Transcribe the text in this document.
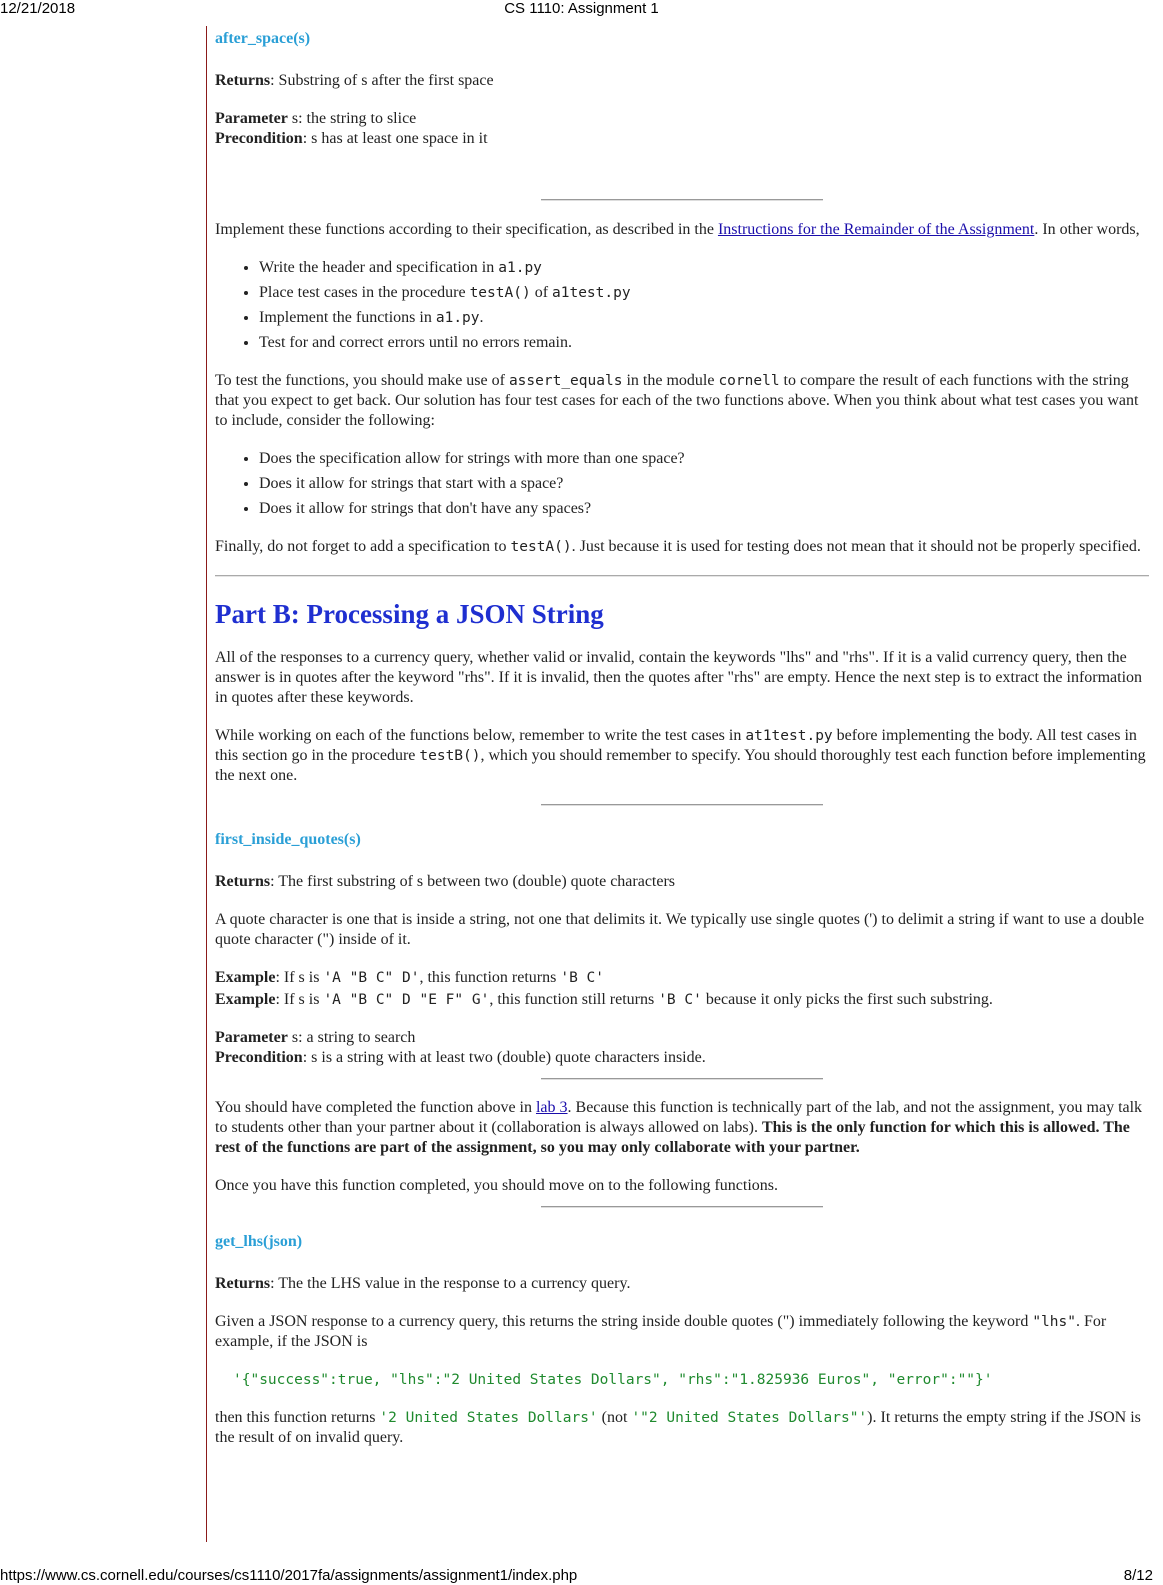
12/21/2018	CS 1110: Assignment 1
after_space(s)

Returns: Substring of s after the first space

Parameter s: the string to slice
Precondition: s has at least one space in it

Implement these functions according to their specification, as described in the Instructions for the Remainder of the Assignment. In other words,

• Write the header and specification in a1.py
• Place test cases in the procedure testA() of a1test.py
• Implement the functions in a1.py.
• Test for and correct errors until no errors remain.

To test the functions, you should make use of assert_equals in the module cornell to compare the result of each functions with the string that you expect to get back. Our solution has four test cases for each of the two functions above. When you think about what test cases you want to include, consider the following:

• Does the specification allow for strings with more than one space?
• Does it allow for strings that start with a space?
• Does it allow for strings that don't have any spaces?

Finally, do not forget to add a specification to testA(). Just because it is used for testing does not mean that it should not be properly specified.

Part B: Processing a JSON String

All of the responses to a currency query, whether valid or invalid, contain the keywords "lhs" and "rhs". If it is a valid currency query, then the answer is in quotes after the keyword "rhs". If it is invalid, then the quotes after "rhs" are empty. Hence the next step is to extract the information in quotes after these keywords.

While working on each of the functions below, remember to write the test cases in at1test.py before implementing the body. All test cases in this section go in the procedure testB(), which you should remember to specify. You should thoroughly test each function before implementing the next one.

first_inside_quotes(s)

Returns: The first substring of s between two (double) quote characters

A quote character is one that is inside a string, not one that delimits it. We typically use single quotes (') to delimit a string if want to use a double quote character (") inside of it.

Example: If s is 'A "B C" D', this function returns 'B C'
Example: If s is 'A "B C" D "E F" G', this function still returns 'B C' because it only picks the first such substring.
Parameter s: a string to search
Precondition: s is a string with at least two (double) quote characters inside.

You should have completed the function above in lab 3. Because this function is technically part of the lab, and not the assignment, you may talk to students other than your partner about it (collaboration is always allowed on labs). This is the only function for which this is allowed. The rest of the functions are part of the assignment, so you may only collaborate with your partner.

Once you have this function completed, you should move on to the following functions.

get_lhs(json)

Returns: The the LHS value in the response to a currency query.

Given a JSON response to a currency query, this returns the string inside double quotes (") immediately following the keyword "lhs". For example, if the JSON is

'{"success":true, "lhs":"2 United States Dollars", "rhs":"1.825936 Euros", "error":""}'

then this function returns '2 United States Dollars' (not '"2 United States Dollars"'). It returns the empty string if the JSON is the result of on invalid query.

https://www.cs.cornell.edu/courses/cs1110/2017fa/assignments/assignment1/index.php	8/12
